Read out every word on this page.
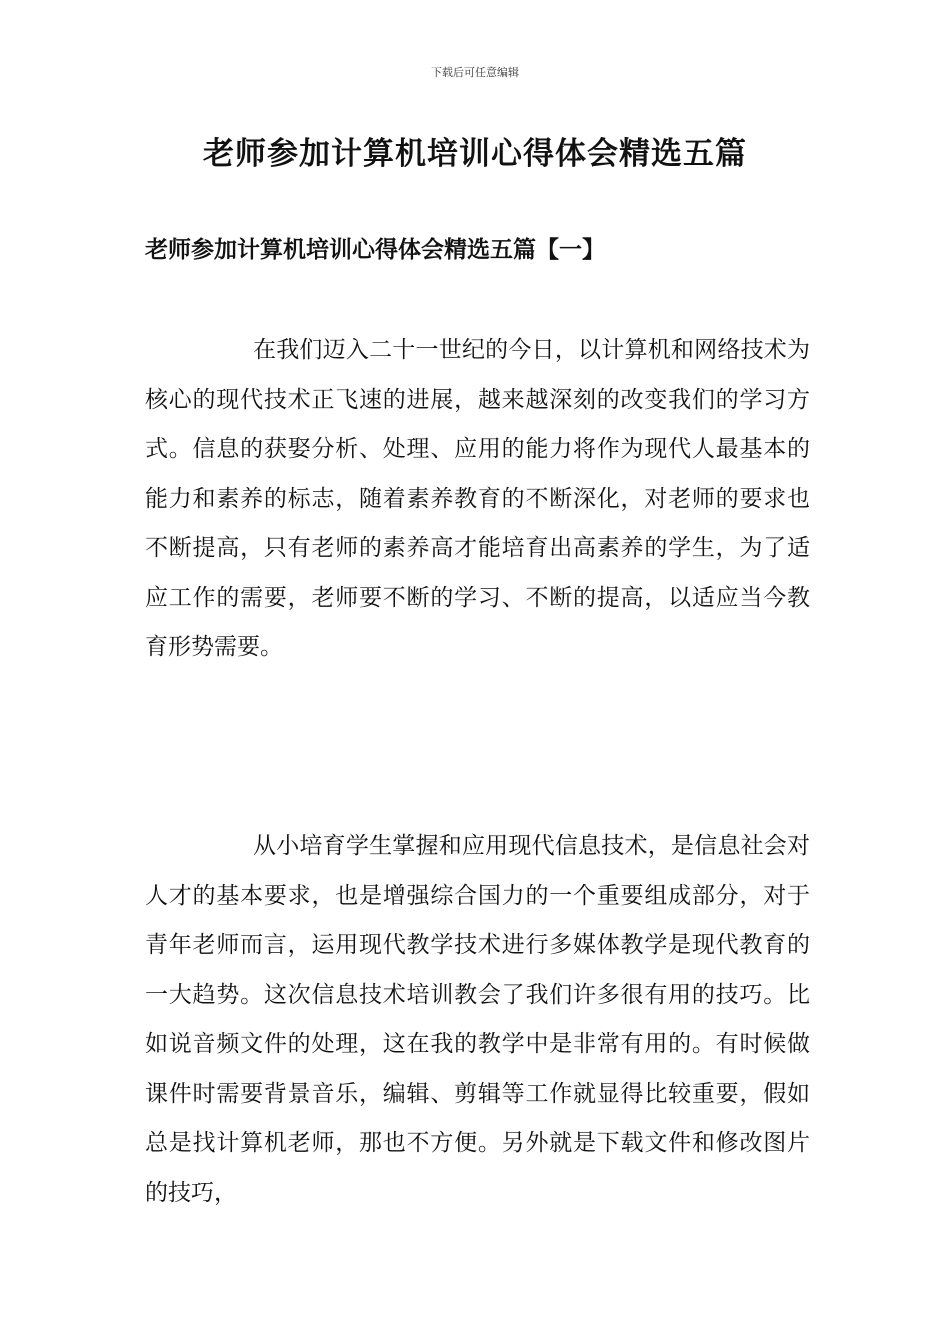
下载后可任意编辑
老师参加计算机培训心得体会精选五篇
老师参加计算机培训心得体会精选五篇【一】

在我们迈入二十一世纪的今日，以计算机和网络技术为核心的现代技术正飞速的进展，越来越深刻的改变我们的学习方式。信息的获娶分析、处理、应用的能力将作为现代人最基本的能力和素养的标志，随着素养教育的不断深化，对老师的要求也不断提高，只有老师的素养高才能培育出高素养的学生，为了适应工作的需要，老师要不断的学习、不断的提高，以适应当今教育形势需要。

从小培育学生掌握和应用现代信息技术，是信息社会对人才的基本要求，也是增强综合国力的一个重要组成部分，对于青年老师而言，运用现代教学技术进行多媒体教学是现代教育的一大趋势。这次信息技术培训教会了我们许多很有用的技巧。比如说音频文件的处理，这在我的教学中是非常有用的。有时候做课件时需要背景音乐，编辑、剪辑等工作就显得比较重要，假如总是找计算机老师，那也不方便。另外就是下载文件和修改图片的技巧，
